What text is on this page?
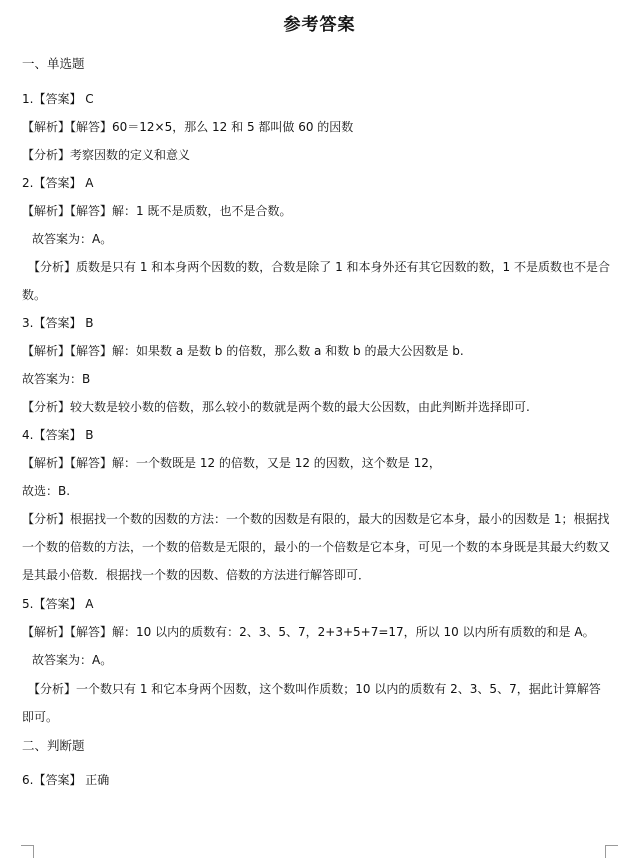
参考答案
一、单选题
1.【答案】 C
【解析】【解答】60＝12×5，那么 12 和 5 都叫做 60 的因数
【分析】考察因数的定义和意义
2.【答案】 A
【解析】【解答】解：1 既不是质数，也不是合数。
故答案为：A。
【分析】质数是只有 1 和本身两个因数的数，合数是除了 1 和本身外还有其它因数的数，1 不是质数也不是合数。
3.【答案】 B
【解析】【解答】解：如果数 a 是数 b 的倍数，那么数 a 和数 b 的最大公因数是 b.
故答案为：B
【分析】较大数是较小数的倍数，那么较小的数就是两个数的最大公因数，由此判断并选择即可.
4.【答案】 B
【解析】【解答】解：一个数既是 12 的倍数，又是 12 的因数，这个数是 12，
故选：B.
【分析】根据找一个数的因数的方法：一个数的因数是有限的，最大的因数是它本身，最小的因数是 1；根据找一个数的倍数的方法，一个数的倍数是无限的，最小的一个倍数是它本身，可见一个数的本身既是其最大约数又是其最小倍数．根据找一个数的因数、倍数的方法进行解答即可．
5.【答案】 A
【解析】【解答】解：10 以内的质数有：2、3、5、7，2+3+5+7=17，所以 10 以内所有质数的和是 A。
故答案为：A。
【分析】一个数只有 1 和它本身两个因数，这个数叫作质数；10 以内的质数有 2、3、5、7，据此计算解答即可。
二、判断题
6.【答案】 正确
